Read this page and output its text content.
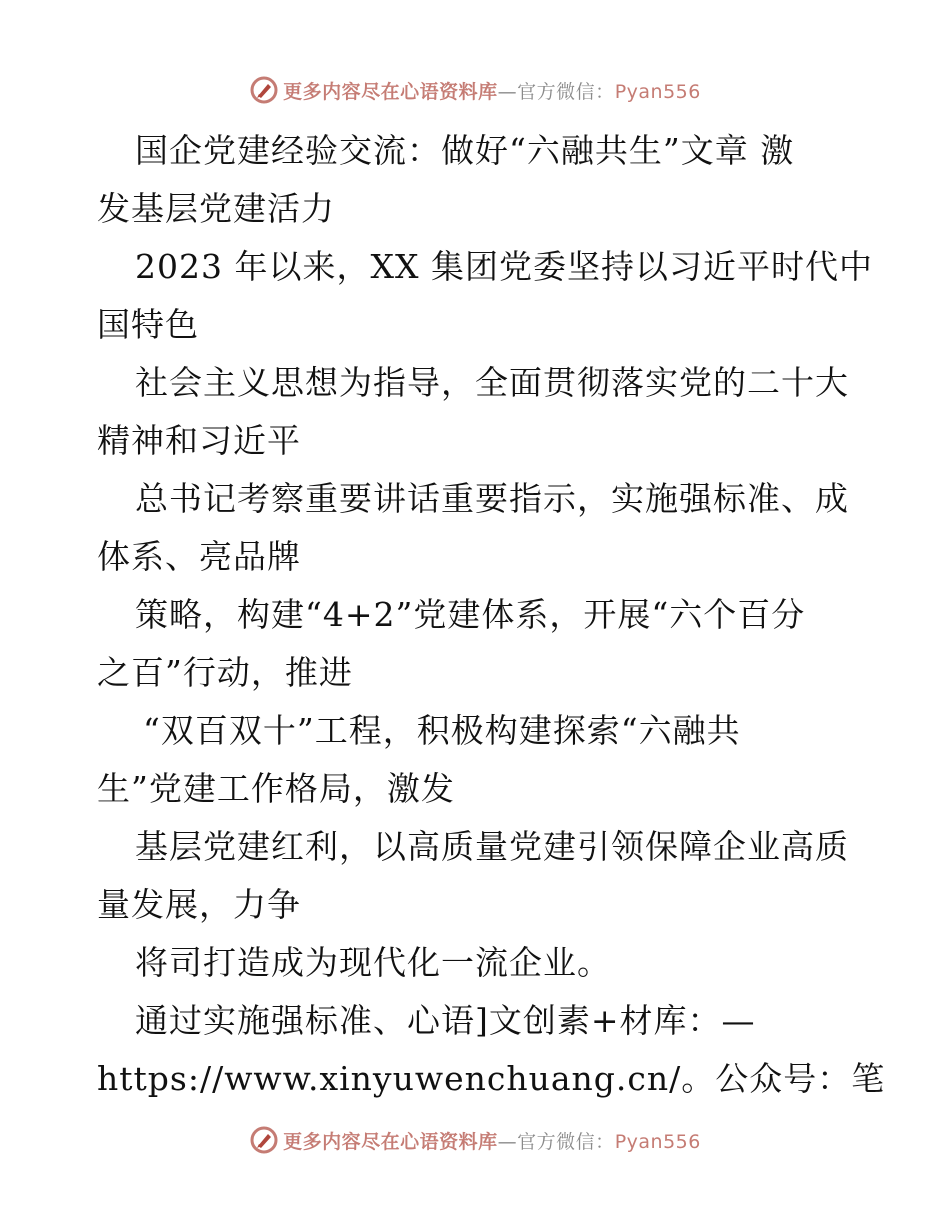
更多内容尽在心语资料库—官方微信：Pyan556
国企党建经验交流：做好“六融共生”文章 激
发基层党建活力
2023 年以来，XX 集团党委坚持以习近平时代中
国特色
社会主义思想为指导，全面贯彻落实党的二十大
精神和习近平
总书记考察重要讲话重要指示，实施强标准、成
体系、亮品牌
策略，构建“4+2”党建体系，开展“六个百分
之百”行动，推进
“双百双十”工程，积极构建探索“六融共
生”党建工作格局，激发
基层党建红利，以高质量党建引领保障企业高质
量发展，力争
将司打造成为现代化一流企业。
通过实施强标准、心语]文创素+材库：—
https://www.xinyuwenchuang.cn/。公众号：笔
更多内容尽在心语资料库—官方微信：Pyan556
